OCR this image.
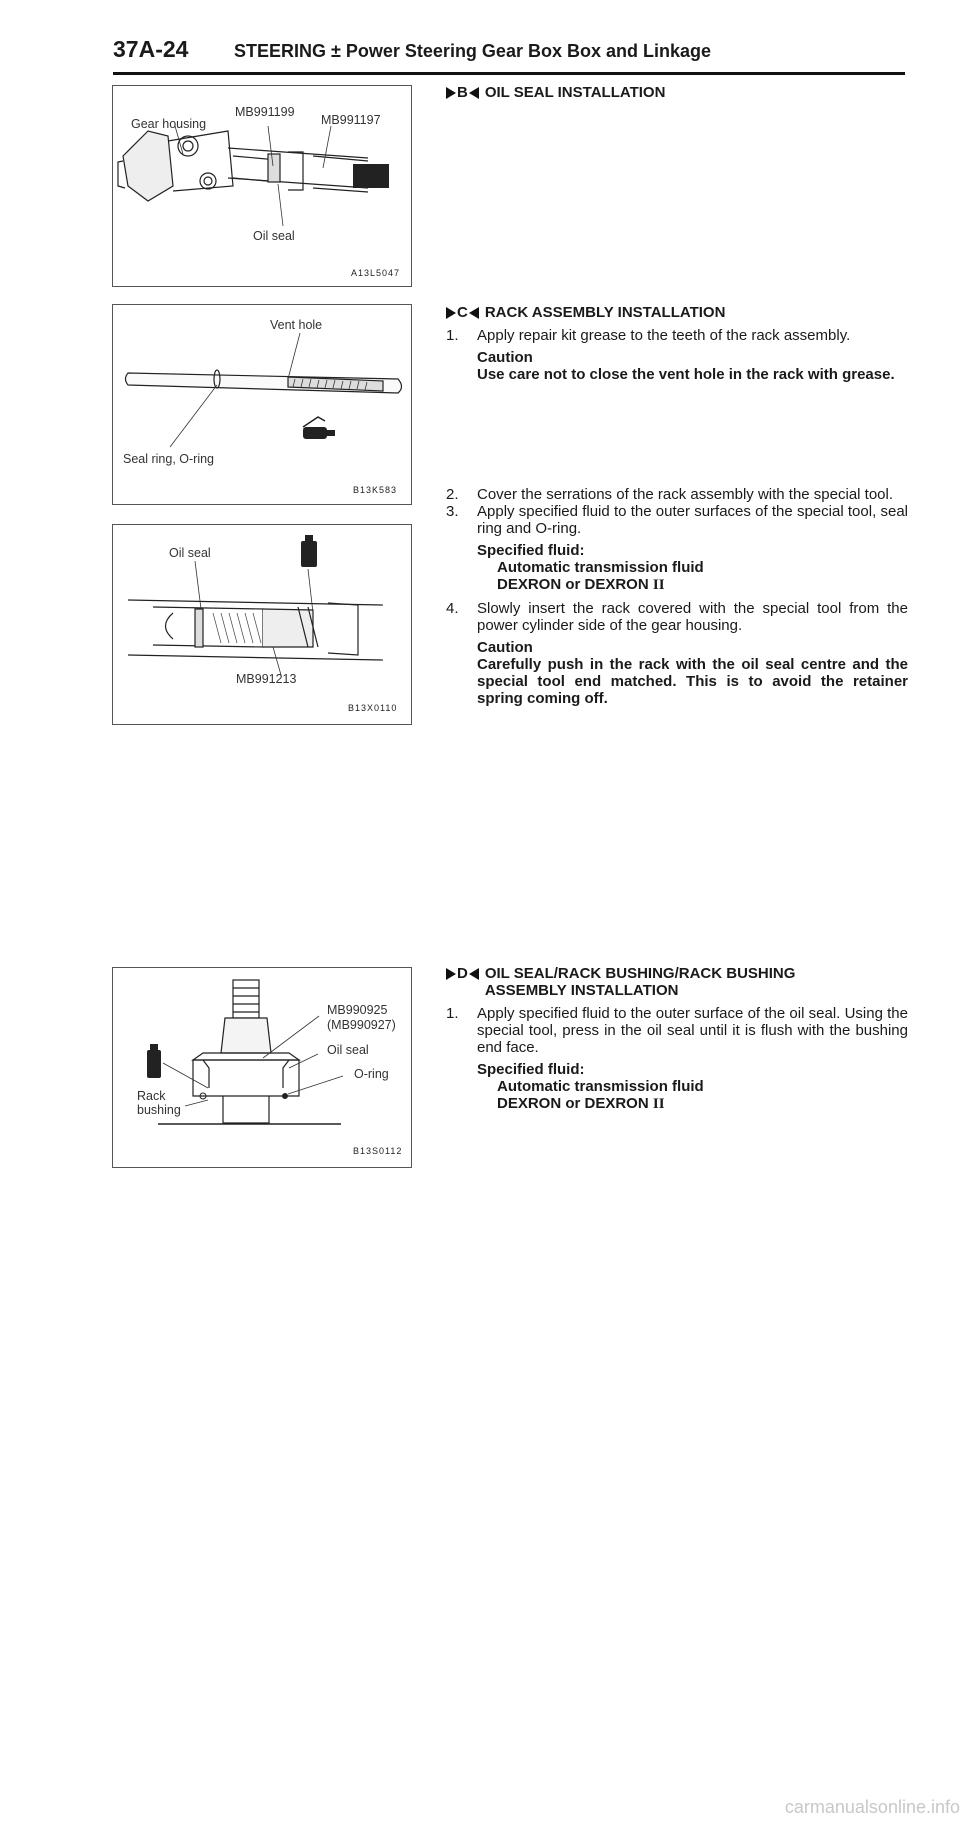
37A-24	STEERING ± Power Steering Gear Box Box and Linkage
Gear housing
MB991199
MB991197
Oil seal
A13L5047
Vent hole
Seal ring, O-ring
B13K583
Oil seal
MB991213
B13X0110
MB990925
(MB990927)
Oil seal
O-ring
Rack
bushing
B13S0112
B OIL SEAL INSTALLATION
C RACK ASSEMBLY INSTALLATION
1.	Apply repair kit grease to the teeth of the rack assembly.
Caution
Use care not to close the vent hole in the rack with grease.
2.	Cover the serrations of the rack assembly with the special tool.
3.	Apply specified fluid to the outer surfaces of the special tool, seal ring and O-ring.
Specified fluid:
Automatic transmission fluid
DEXRON or DEXRON II
4.	Slowly insert the rack covered with the special tool from the power cylinder side of the gear housing.
Caution
Carefully push in the rack with the oil seal centre and the special tool end matched. This is to avoid the retainer spring coming off.
D OIL SEAL/RACK BUSHING/RACK BUSHING ASSEMBLY INSTALLATION
1.	Apply specified fluid to the outer surface of the oil seal. Using the special tool, press in the oil seal until it is flush with the bushing end face.
Specified fluid:
Automatic transmission fluid
DEXRON or DEXRON II
carmanualsonline.info
